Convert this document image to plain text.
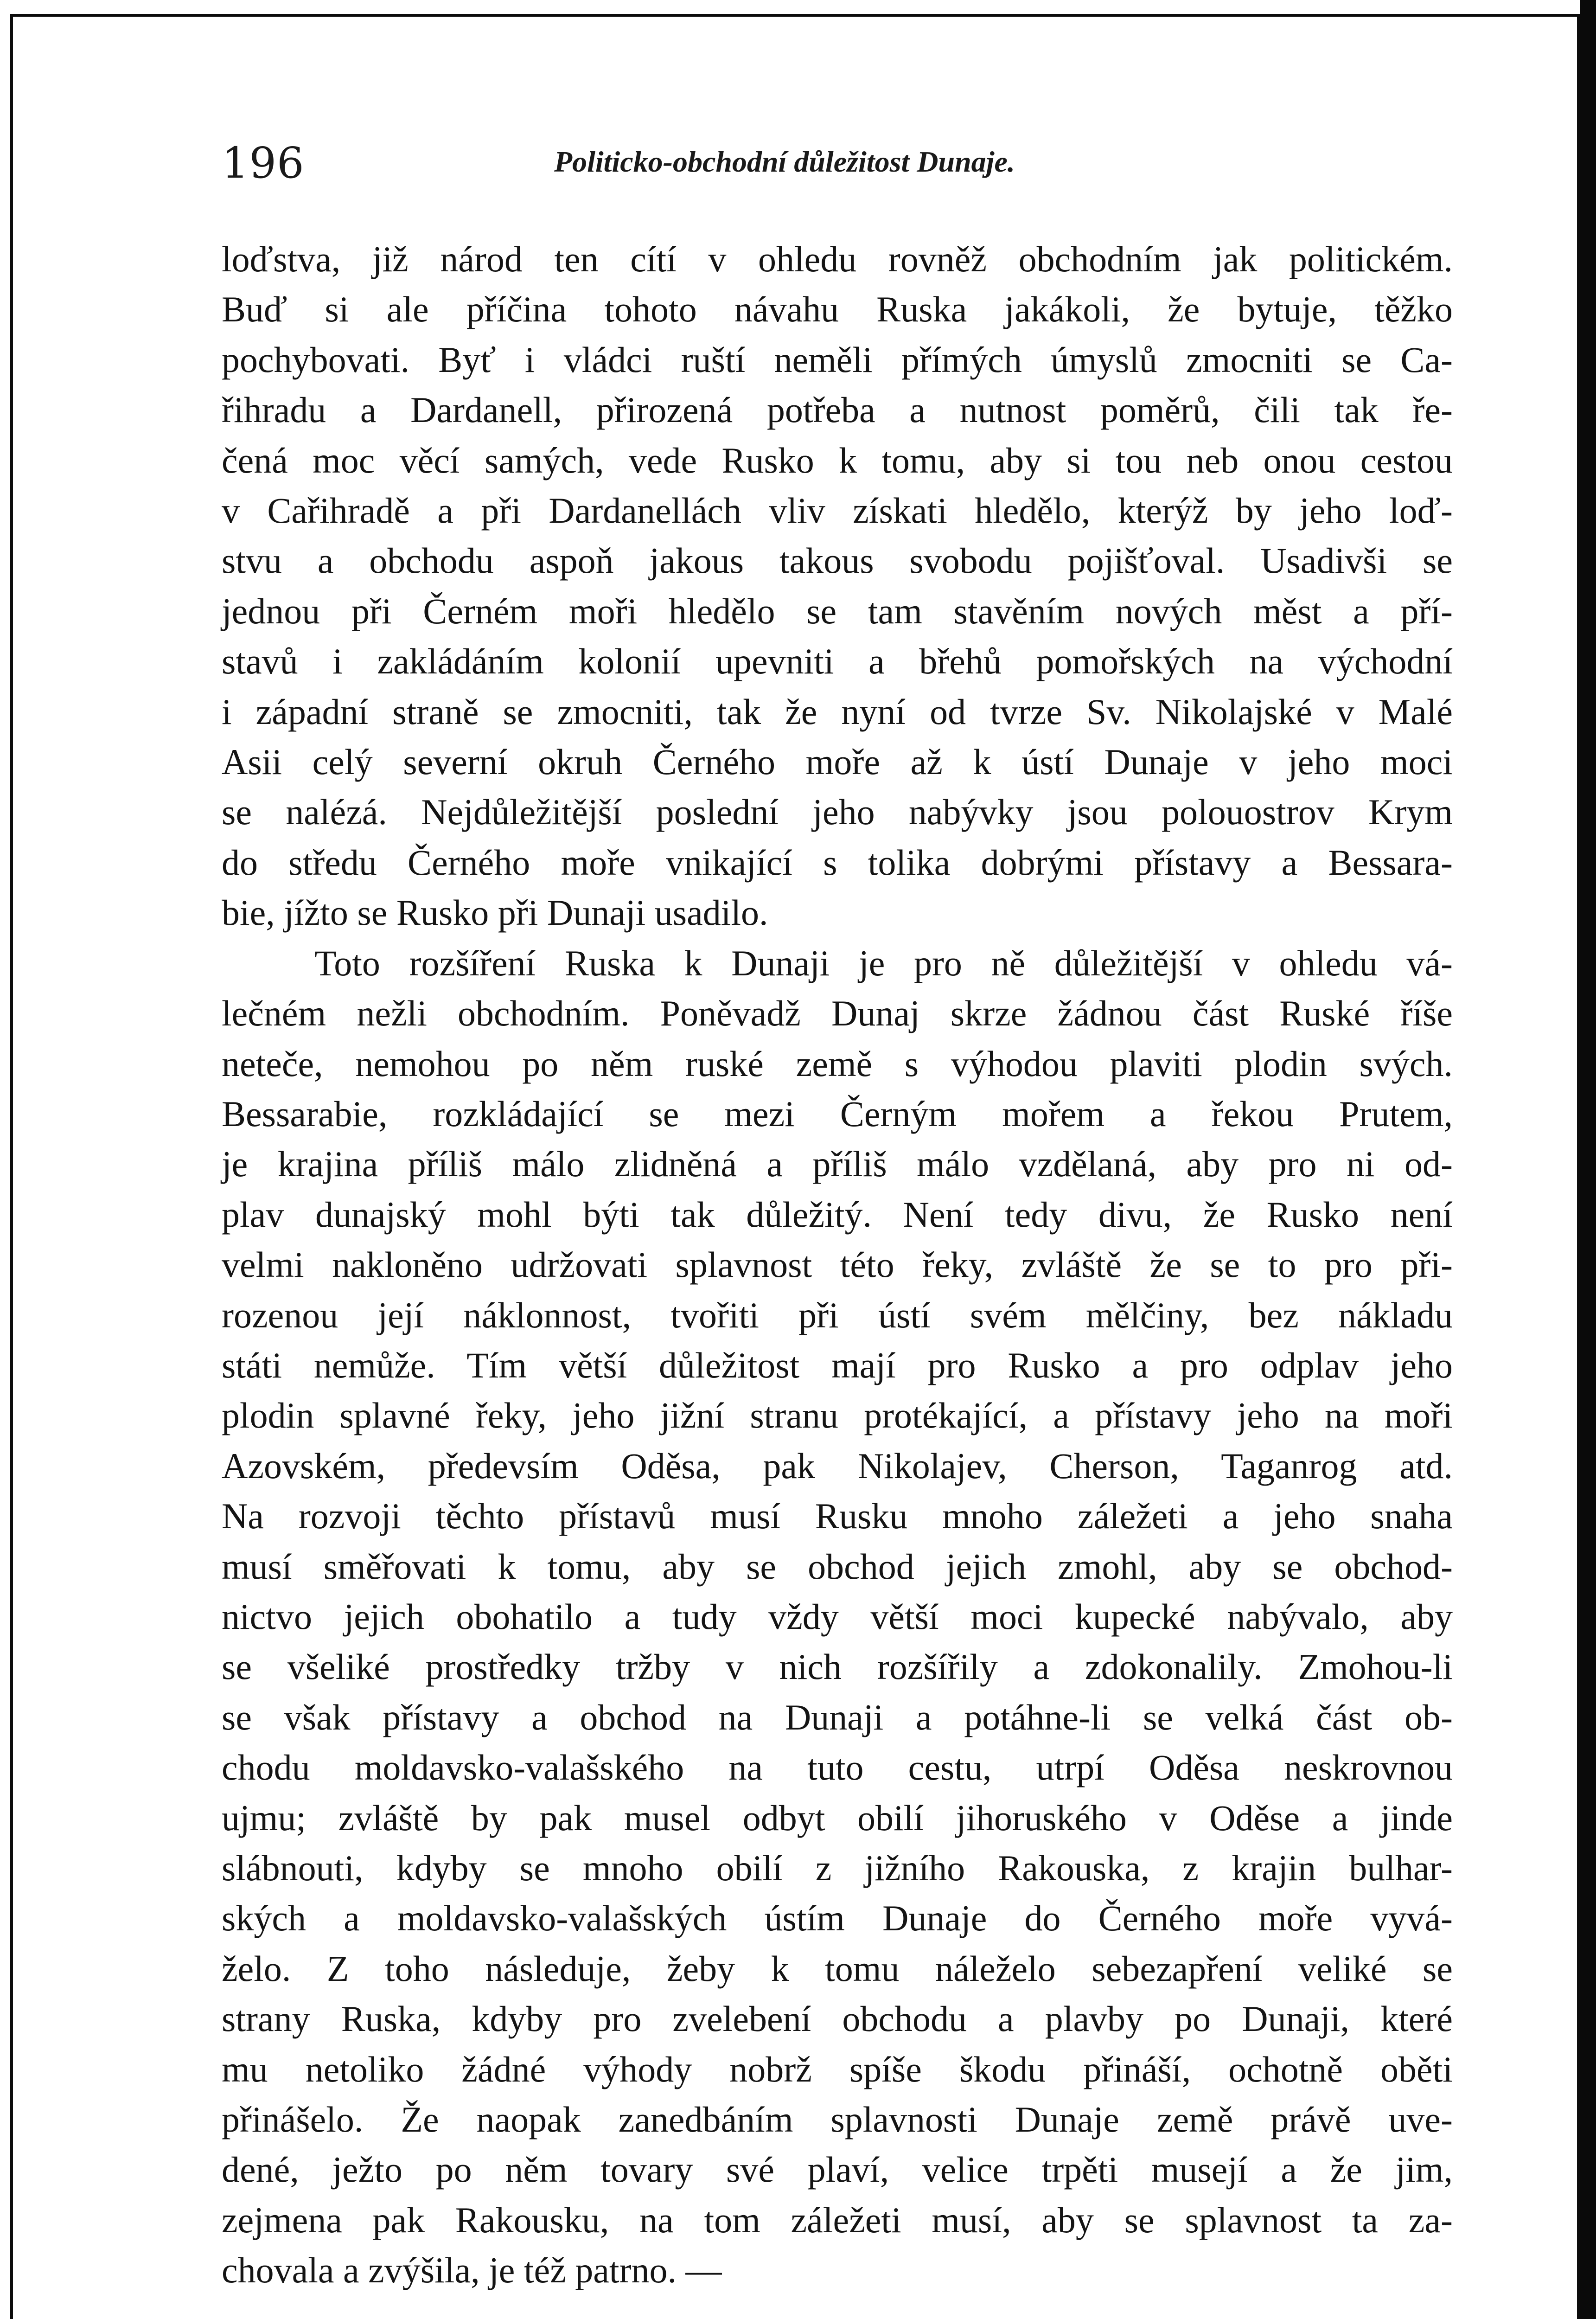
196	Politicko-obchodní důležitost Dunaje.
loďstva, již národ ten cítí v ohledu rovněž obchodním jak politickém.
Buď si ale příčina tohoto návahu Ruska jakákoli, že bytuje, těžko
pochybovati. Byť i vládci ruští neměli přímých úmyslů zmocniti se Ca-
řihradu a Dardanell, přirozená potřeba a nutnost poměrů, čili tak ře-
čená moc věcí samých, vede Rusko k tomu, aby si tou neb onou cestou
v Cařihradě a při Dardanellách vliv získati hledělo, kterýž by jeho loď-
stvu a obchodu aspoň jakous takous svobodu pojišťoval. Usadivši se
jednou při Černém moři hledělo se tam stavěním nových měst a pří-
stavů i zakládáním kolonií upevniti a břehů pomořských na východní
i západní straně se zmocniti, tak že nyní od tvrze Sv. Nikolajské v Malé
Asii celý severní okruh Černého moře až k ústí Dunaje v jeho moci
se nalézá. Nejdůležitější poslední jeho nabývky jsou polouostrov Krym
do středu Černého moře vnikající s tolika dobrými přístavy a Bessara-
bie, jížto se Rusko při Dunaji usadilo.
Toto rozšíření Ruska k Dunaji je pro ně důležitější v ohledu vá-
lečném nežli obchodním. Poněvadž Dunaj skrze žádnou část Ruské říše
neteče, nemohou po něm ruské země s výhodou plaviti plodin svých.
Bessarabie, rozkládající se mezi Černým mořem a řekou Prutem,
je krajina příliš málo zlidněná a příliš málo vzdělaná, aby pro ni od-
plav dunajský mohl býti tak důležitý. Není tedy divu, že Rusko není
velmi nakloněno udržovati splavnost této řeky, zvláště že se to pro při-
rozenou její náklonnost, tvořiti při ústí svém mělčiny, bez nákladu
státi nemůže. Tím větší důležitost mají pro Rusko a pro odplav jeho
plodin splavné řeky, jeho jižní stranu protékající, a přístavy jeho na moři
Azovském, předevsím Oděsa, pak Nikolajev, Cherson, Taganrog atd.
Na rozvoji těchto přístavů musí Rusku mnoho záležeti a jeho snaha
musí směřovati k tomu, aby se obchod jejich zmohl, aby se obchod-
nictvo jejich obohatilo a tudy vždy větší moci kupecké nabývalo, aby
se všeliké prostředky tržby v nich rozšířily a zdokonalily. Zmohou-li
se však přístavy a obchod na Dunaji a potáhne-li se velká část ob-
chodu moldavsko-valašského na tuto cestu, utrpí Oděsa neskrovnou
ujmu; zvláště by pak musel odbyt obilí jihoruského v Oděse a jinde
slábnouti, kdyby se mnoho obilí z jižního Rakouska, z krajin bulhar-
ských a moldavsko-valašských ústím Dunaje do Černého moře vyvá-
želo. Z toho následuje, žeby k tomu náleželo sebezapření veliké se
strany Ruska, kdyby pro zvelebení obchodu a plavby po Dunaji, které
mu netoliko žádné výhody nobrž spíše škodu přináší, ochotně oběti
přinášelo. Že naopak zanedbáním splavnosti Dunaje země právě uve-
dené, ježto po něm tovary své plaví, velice trpěti musejí a že jim,
zejmena pak Rakousku, na tom záležeti musí, aby se splavnost ta za-
chovala a zvýšila, je též patrno. —
